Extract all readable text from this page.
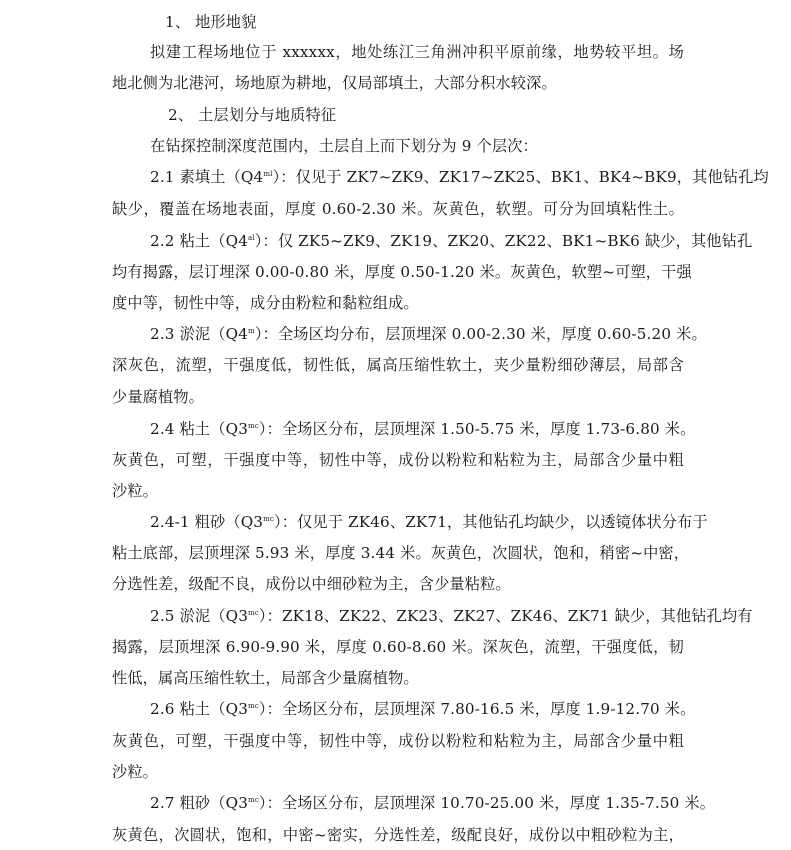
1、 地形地貌
拟建工程场地位于 xxxxxx，地处练江三角洲冲积平原前缘，地势较平坦。场
地北侧为北港河，场地原为耕地，仅局部填土，大部分积水较深。
2、 土层划分与地质特征
在钻探控制深度范围内，土层自上而下划分为 9 个层次：
2.1 素填土$(Q4^{ml})$：仅见于 ZK7~ZK9、ZK17~ZK25、BK1、BK4~BK9，其他钻孔均
缺少，覆盖在场地表面，厚度 0.60-2.30 米。灰黄色，软塑。可分为回填粘性土。
2.2 粘土$(Q4^{al})$：仅 ZK5~ZK9、ZK19、ZK20、ZK22、BK1~BK6 缺少，其他钻孔
均有揭露，层订埋深 0.00-0.80 米，厚度 0.50-1.20 米。灰黄色，软塑~可塑，干强
度中等，韧性中等，成分由粉粒和黏粒组成。
2.3 淤泥（Q4$^m$）：全场区均分布，层顶埋深 0.00-2.30 米，厚度 0.60-5.20 米。
深灰色，流塑，干强度低，韧性低，属高压缩性软土，夹少量粉细砂薄层，局部含
少量腐植物。
2.4 粘土$(Q3^{mc})$：全场区分布，层顶埋深 1.50-5.75 米，厚度 1.73-6.80 米。
灰黄色，可塑，干强度中等，韧性中等，成份以粉粒和粘粒为主，局部含少量中粗
沙粒。
2.4-1 粗砂$(Q3^{mc})$：仅见于 ZK46、ZK71，其他钻孔均缺少，以透镜体状分布于
粘土底部，层顶埋深 5.93 米，厚度 3.44 米。灰黄色，次圆状，饱和，稍密~中密，
分选性差，级配不良，成份以中细砂粒为主，含少量粘粒。
2.5 淤泥$(Q3^{mc})$：ZK18、ZK22、ZK23、ZK27、ZK46、ZK71 缺少，其他钻孔均有
揭露，层顶埋深 6.90-9.90 米，厚度 0.60-8.60 米。深灰色，流塑，干强度低，韧
性低，属高压缩性软土，局部含少量腐植物。
2.6 粘土$(Q3^{mc})$：全场区分布，层顶埋深 7.80-16.5 米，厚度 1.9-12.70 米。
灰黄色，可塑，干强度中等，韧性中等，成份以粉粒和粘粒为主，局部含少量中粗
沙粒。
2.7 粗砂$(Q3^{mc})$：全场区分布，层顶埋深 10.70-25.00 米，厚度 1.35-7.50 米。
灰黄色，次圆状，饱和，中密~密实，分选性差，级配良好，成份以中粗砂粒为主，
